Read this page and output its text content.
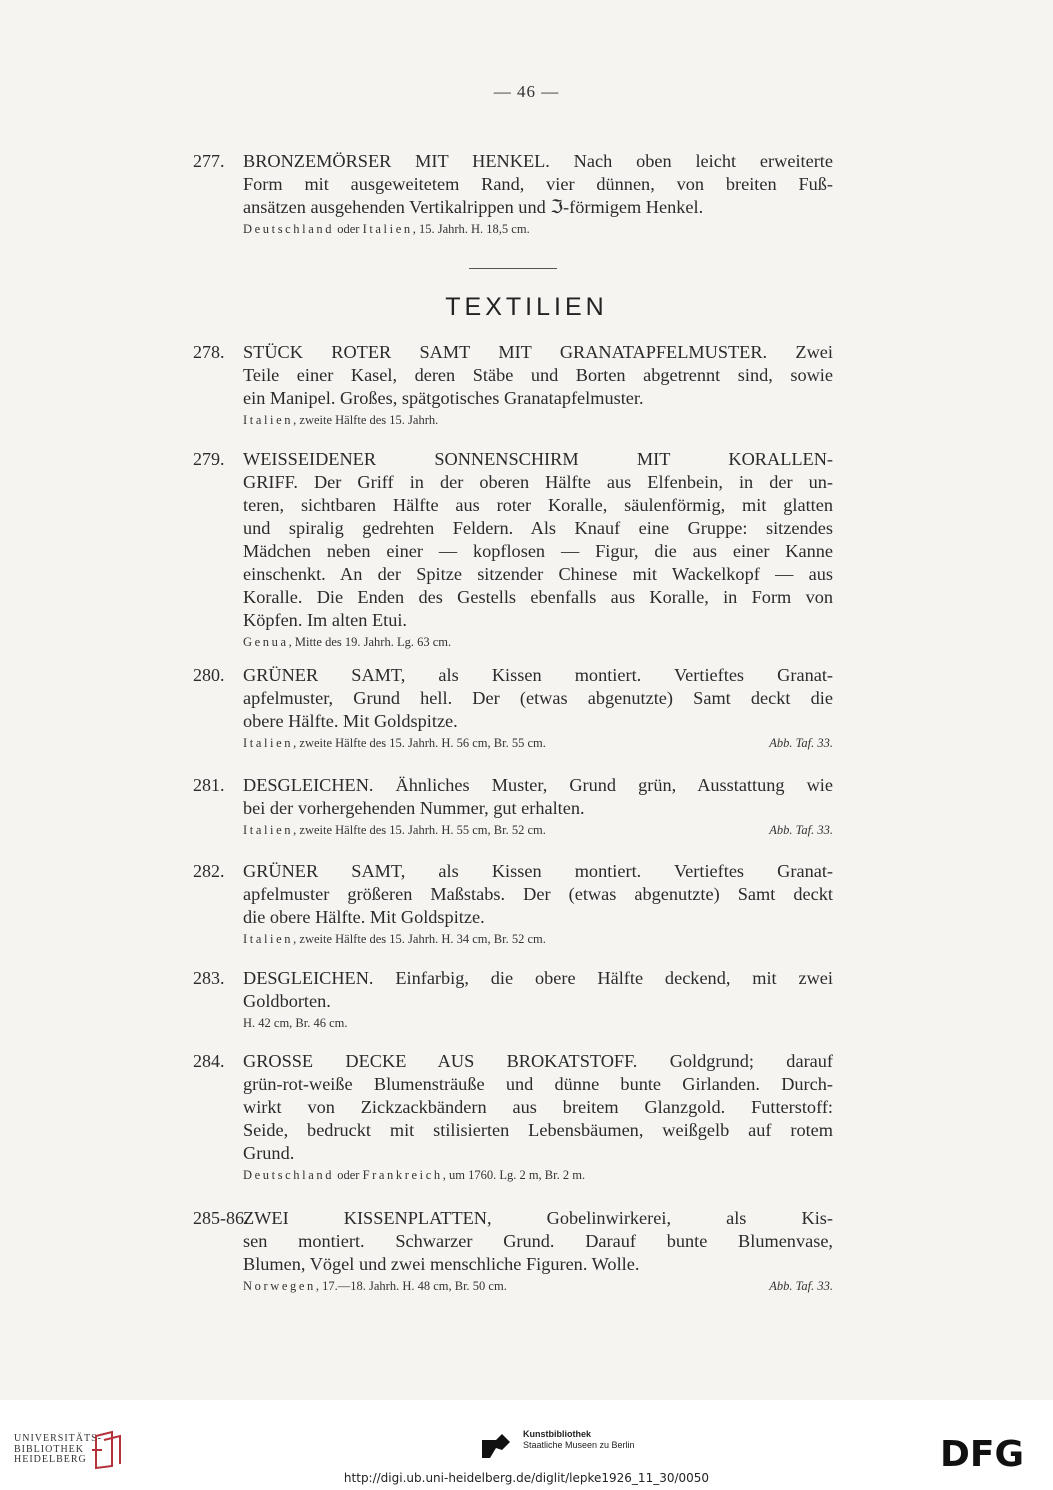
— 46 —
277. BRONZEMÖRSER MIT HENKEL. Nach oben leicht erweiterte
Form mit ausgeweitetem Rand, vier dünnen, von breiten Fuß-
ansätzen ausgehenden Vertikalrippen und ℑ-förmigem Henkel.
Deutschland oder Italien, 15. Jahrh. H. 18,5 cm.
TEXTILIEN
278. STÜCK ROTER SAMT MIT GRANATAPFELMUSTER. Zwei
Teile einer Kasel, deren Stäbe und Borten abgetrennt sind, sowie
ein Manipel. Großes, spätgotisches Granatapfelmuster.
Italien, zweite Hälfte des 15. Jahrh.
279. WEISSEIDENER SONNENSCHIRM MIT KORALLEN-
GRIFF. Der Griff in der oberen Hälfte aus Elfenbein, in der un-
teren, sichtbaren Hälfte aus roter Koralle, säulenförmig, mit glatten
und spiralig gedrehten Feldern. Als Knauf eine Gruppe: sitzendes
Mädchen neben einer — kopflosen — Figur, die aus einer Kanne
einschenkt. An der Spitze sitzender Chinese mit Wackelkopf — aus
Koralle. Die Enden des Gestells ebenfalls aus Koralle, in Form von
Köpfen. Im alten Etui.
Genua, Mitte des 19. Jahrh. Lg. 63 cm.
280. GRÜNER SAMT, als Kissen montiert. Vertieftes Granat-
apfelmuster, Grund hell. Der (etwas abgenutzte) Samt deckt die
obere Hälfte. Mit Goldspitze.
Italien, zweite Hälfte des 15. Jahrh. H. 56 cm, Br. 55 cm.	Abb. Taf. 33.
281. DESGLEICHEN. Ähnliches Muster, Grund grün, Ausstattung wie
bei der vorhergehenden Nummer, gut erhalten.
Italien, zweite Hälfte des 15. Jahrh. H. 55 cm, Br. 52 cm.	Abb. Taf. 33.
282. GRÜNER SAMT, als Kissen montiert. Vertieftes Granat-
apfelmuster größeren Maßstabs. Der (etwas abgenutzte) Samt deckt
die obere Hälfte. Mit Goldspitze.
Italien, zweite Hälfte des 15. Jahrh. H. 34 cm, Br. 52 cm.
283. DESGLEICHEN. Einfarbig, die obere Hälfte deckend, mit zwei
Goldborten.
H. 42 cm, Br. 46 cm.
284. GROSSE DECKE AUS BROKATSTOFF. Goldgrund; darauf
grün-rot-weiße Blumensträuße und dünne bunte Girlanden. Durch-
wirkt von Zickzackbändern aus breitem Glanzgold. Futterstoff:
Seide, bedruckt mit stilisierten Lebensbäumen, weißgelb auf rotem
Grund.
Deutschland oder Frankreich, um 1760. Lg. 2 m, Br. 2 m.
285-86.
ZWEI KISSENPLATTEN, Gobelinwirkerei, als Kis-
sen montiert. Schwarzer Grund. Darauf bunte Blumenvase,
Blumen, Vögel und zwei menschliche Figuren. Wolle.
Norwegen, 17.—18. Jahrh. H. 48 cm, Br. 50 cm.	Abb. Taf. 33.
UNIVERSITÄTS-
BIBLIOTHEK
HEIDELBERG
Kunstbibliothek
Staatliche Museen zu Berlin	DFG
http://digi.ub.uni-heidelberg.de/diglit/lepke1926_11_30/0050
